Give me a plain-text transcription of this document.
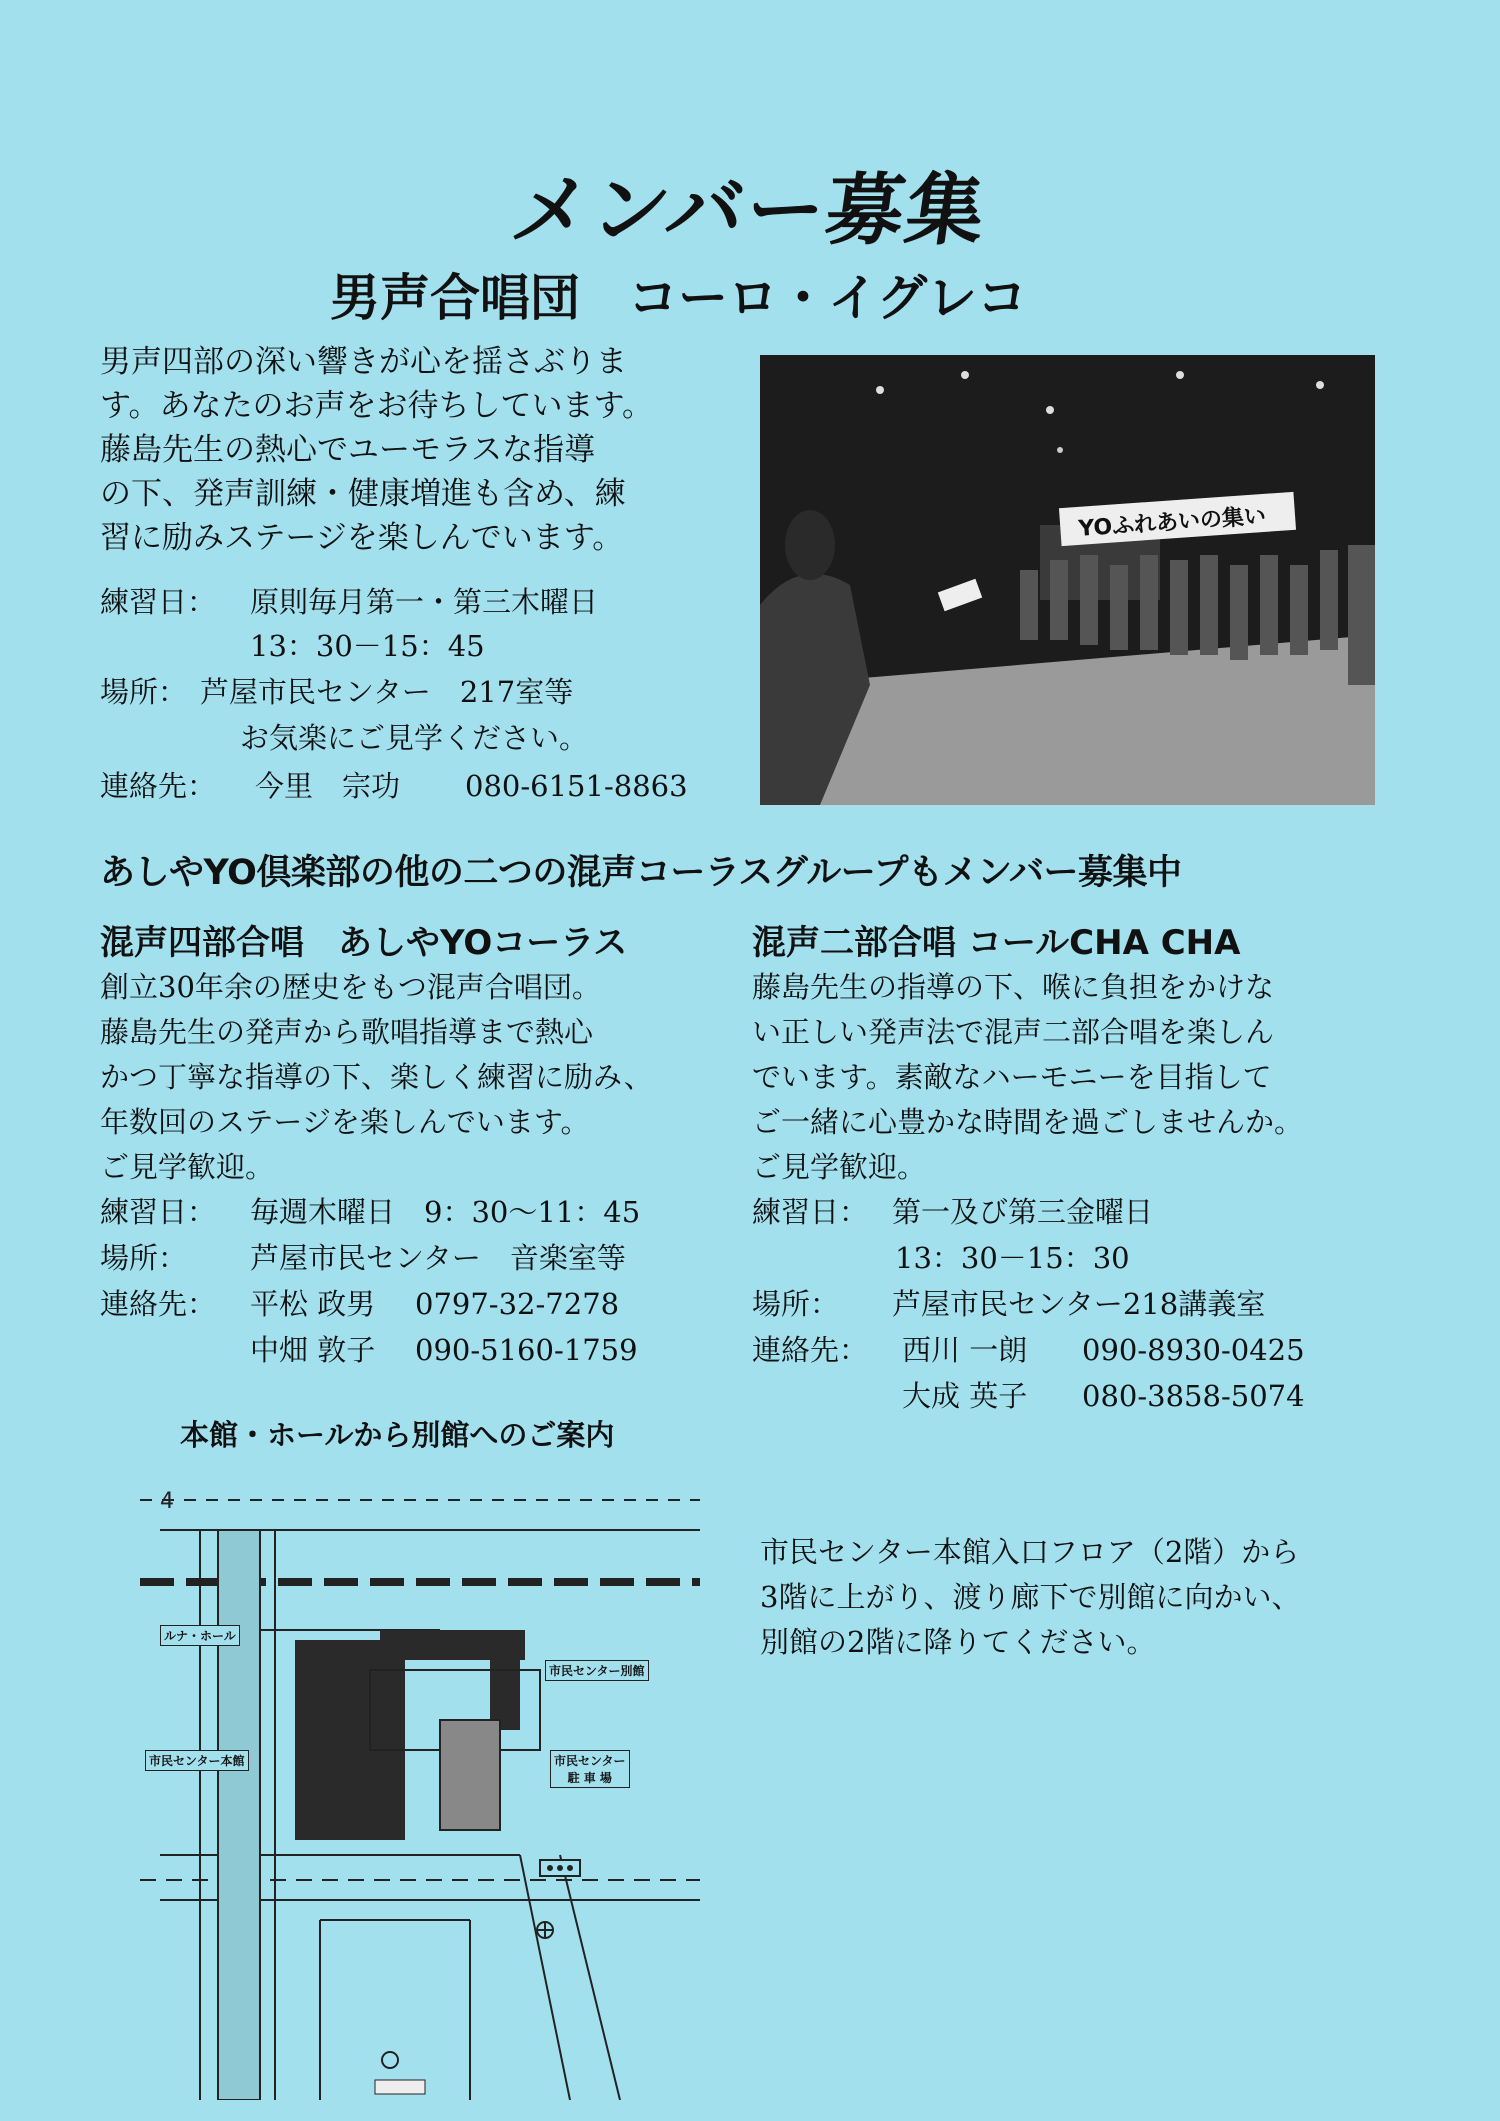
メンバー募集
男声合唱団 コーロ・イグレコ

男声四部の深い響きが心を揺さぶりま

す。あなたのお声をお待ちしています。

藤島先生の熱心でユーモラスな指導

の下、発声訓練・健康増進も含め、練

習に励みステージを楽しんでいます。

練習日： 原則毎月第一・第三木曜日
13：30－15：45
場所： 芦屋市民センター　217室等
お気楽にご見学ください。
連絡先： 今里　宗功 080-6151-8863
YOふれあいの集い
あしやYO倶楽部の他の二つの混声コーラスグループもメンバー募集中
混声四部合唱　あしやYOコーラス

創立30年余の歴史をもつ混声合唱団。

藤島先生の発声から歌唱指導まで熱心

かつ丁寧な指導の下、楽しく練習に励み、

年数回のステージを楽しんでいます。

ご見学歓迎。

練習日： 毎週木曜日　9：30～11：45
場所： 芦屋市民センター　音楽室等
連絡先： 平松 政男 0797-32-7278
中畑 敦子 090-5160-1759
混声二部合唱 コールCHA CHA

藤島先生の指導の下、喉に負担をかけな

い正しい発声法で混声二部合唱を楽しん

でいます。素敵なハーモニーを目指して

ご一緒に心豊かな時間を過ごしませんか。

ご見学歓迎。

練習日： 第一及び第三金曜日
13：30－15：30
場所： 芦屋市民センター218講義室
連絡先： 西川 一朗 090-8930-0425
大成 英子 080-3858-5074
本館・ホールから別館へのご案内
4
ルナ・ホール
市民センター別館
市民センター本館	市民センター
駐 車 場

市民センター本館入口フロア（2階）から

3階に上がり、渡り廊下で別館に向かい、

別館の2階に降りてください。
